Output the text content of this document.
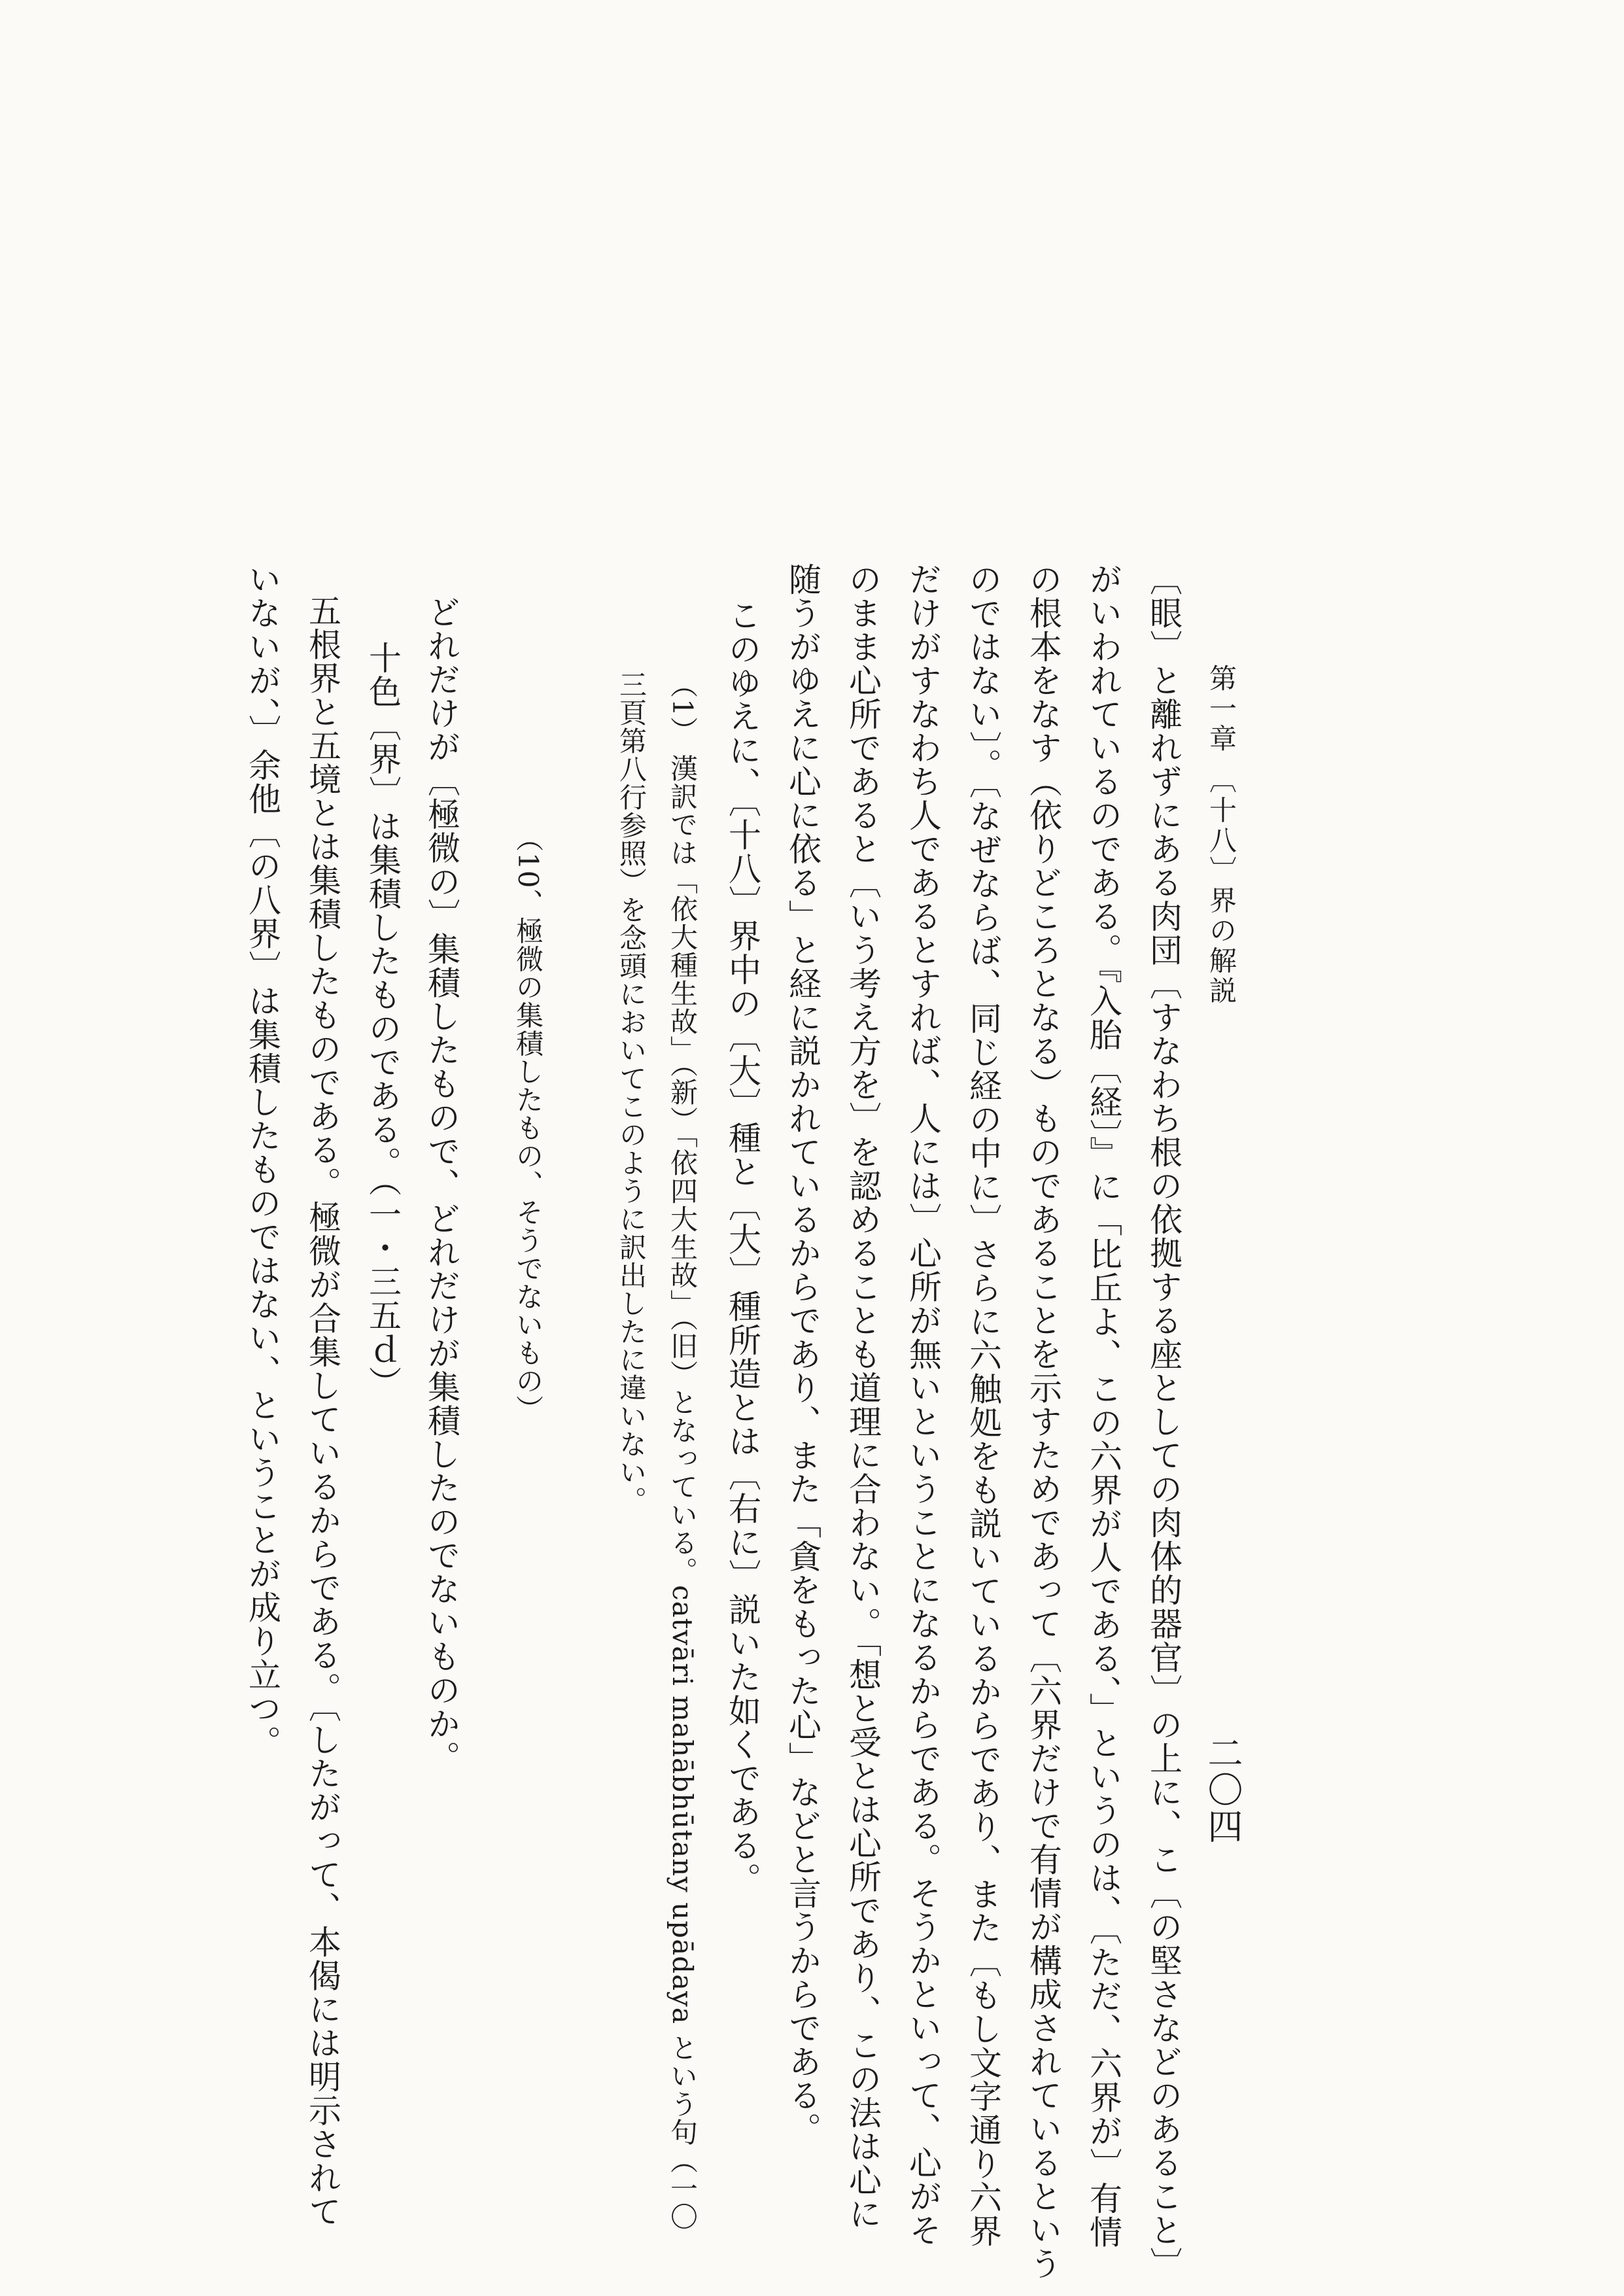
第一章 〔十八〕界の解説
二〇四
〔眼〕と離れずにある肉団〔すなわち根の依拠する座としての肉体的器官〕の上に、こ〔の堅さなどのあること〕
がいわれているのである。『入胎〔経〕』に「比丘よ、この六界が人である、」というのは、〔ただ、六界が〕有情
の根本をなす（依りどころとなる）ものであることを示すためであって〔六界だけで有情が構成されているという
のではない〕。〔なぜならば、同じ経の中に〕さらに六触処をも説いているからであり、また〔もし文字通り六界
だけがすなわち人であるとすれば、人には〕心所が無いということになるからである。そうかといって、心がそ
のまま心所であると〔いう考え方を〕を認めることも道理に合わない。「想と受とは心所であり、この法は心に
随うがゆえに心に依る」と経に説かれているからであり、また「貪をもった心」などと言うからである。
このゆえに、〔十八〕界中の〔大〕種と〔大〕種所造とは〔右に〕説いた如くである。
（1） 漢訳では「依大種生故」（新）「依四大生故」（旧）となっている。catvāri mahābhūtany upādaya という句（一〇
三頁第八行参照）を念頭においてこのように訳出したに違いない。
（10、極微の集積したもの、そうでないもの）
どれだけが〔極微の〕集積したもので、どれだけが集積したのでないものか。
十色〔界〕は集積したものである。（一・三五ｄ）
五根界と五境とは集積したものである。極微が合集しているからである。〔したがって、本偈には明示されて
いないが、〕余他〔の八界〕は集積したものではない、ということが成り立つ。
